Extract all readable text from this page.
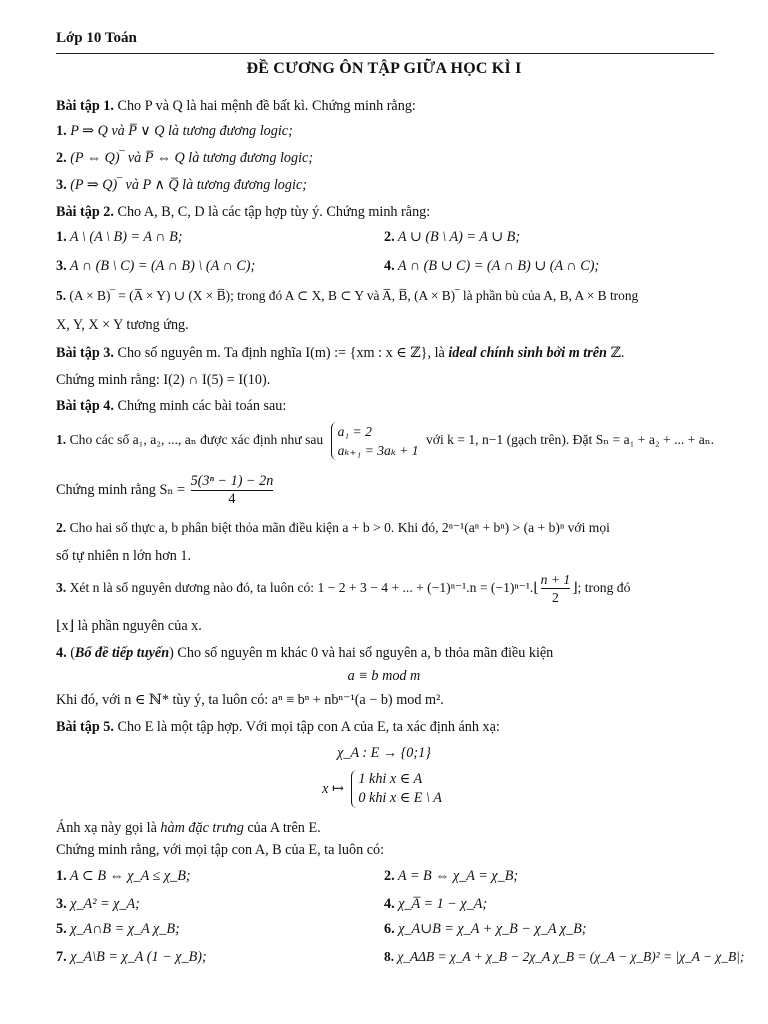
Lớp 10 Toán
ĐỀ CƯƠNG ÔN TẬP GIỮA HỌC KÌ I
Bài tập 1. Cho P và Q là hai mệnh đề bất kì. Chứng minh rằng:
1. P ⇒ Q và P̅ ∨ Q là tương đương logic;
2. (P ⇔ Q)‾ và P̅ ⇔ Q là tương đương logic;
3. (P ⇒ Q)‾ và P ∧ Q̅ là tương đương logic;
Bài tập 2. Cho A, B, C, D là các tập hợp tùy ý. Chứng minh rằng:
1. A \ (A \ B) = A ∩ B;	2. A ∪ (B \ A) = A ∪ B;
3. A ∩ (B \ C) = (A ∩ B) \ (A ∩ C);	4. A ∩ (B ∪ C) = (A ∩ B) ∪ (A ∩ C);
5. (A × B)‾ = (A̅ × Y) ∪ (X × B̅); trong đó A ⊂ X, B ⊂ Y và A̅, B̅, (A × B)‾ là phần bù của A, B, A × B trong
X, Y, X × Y tương ứng.
Bài tập 3. Cho số nguyên m. Ta định nghĩa I(m) := {xm : x ∈ ℤ}, là ideal chính sinh bởi m trên ℤ.
Chứng minh rằng: I(2) ∩ I(5) = I(10).
Bài tập 4. Chứng minh các bài toán sau:
1. Cho các số a₁, a₂, ..., aₙ được xác định như sau
a₁ = 2
aₖ₊₁ = 3aₖ + 1
với k = 1, n−1 (gạch trên). Đặt Sₙ = a₁ + a₂ + ... + aₙ.
Chứng minh rằng $S_n = \frac{\text{5(3ⁿ − 1) − 2n}}{4}$
2. Cho hai số thực a, b phân biệt thỏa mãn điều kiện a + b > 0. Khi đó, 2ⁿ⁻¹(aⁿ + bⁿ) > (a + b)ⁿ với mọi
số tự nhiên n lớn hơn 1.
3. Xét n là số nguyên dương nào đó, ta luôn có: 1 − 2 + 3 − 4 + ... + (−1)ⁿ⁻¹.n = (−1)ⁿ⁻¹.⌊ $\frac{n + 1}{2}$ ⌋; trong đó
⌊x⌋ là phần nguyên của x.
4. (Bổ đề tiếp tuyến) Cho số nguyên m khác 0 và hai số nguyên a, b thỏa mãn điều kiện
a ≡ b mod m
Khi đó, với n ∈ ℕ* tùy ý, ta luôn có: aⁿ ≡ bⁿ + nbⁿ⁻¹(a − b) mod m².
Bài tập 5. Cho E là một tập hợp. Với mọi tập con A của E, ta xác định ánh xạ:
χ_A : E → {0;1}
x ↦
1 khi x ∈ A
0 khi x ∈ E \ A
Ánh xạ này gọi là hàm đặc trưng của A trên E.
Chứng minh rằng, với mọi tập con A, B của E, ta luôn có:
1. A ⊂ B ⇔ χ_A ≤ χ_B;	2. A = B ⇔ χ_A = χ_B;
3. χ_A² = χ_A;	4. χ_A̅ = 1 − χ_A;
5. χ_A∩B = χ_A χ_B;	6. χ_A∪B = χ_A + χ_B − χ_A χ_B;
7. χ_A\B = χ_A (1 − χ_B);	8. χ_AΔB = χ_A + χ_B − 2χ_A χ_B = (χ_A − χ_B)² = |χ_A − χ_B|;
